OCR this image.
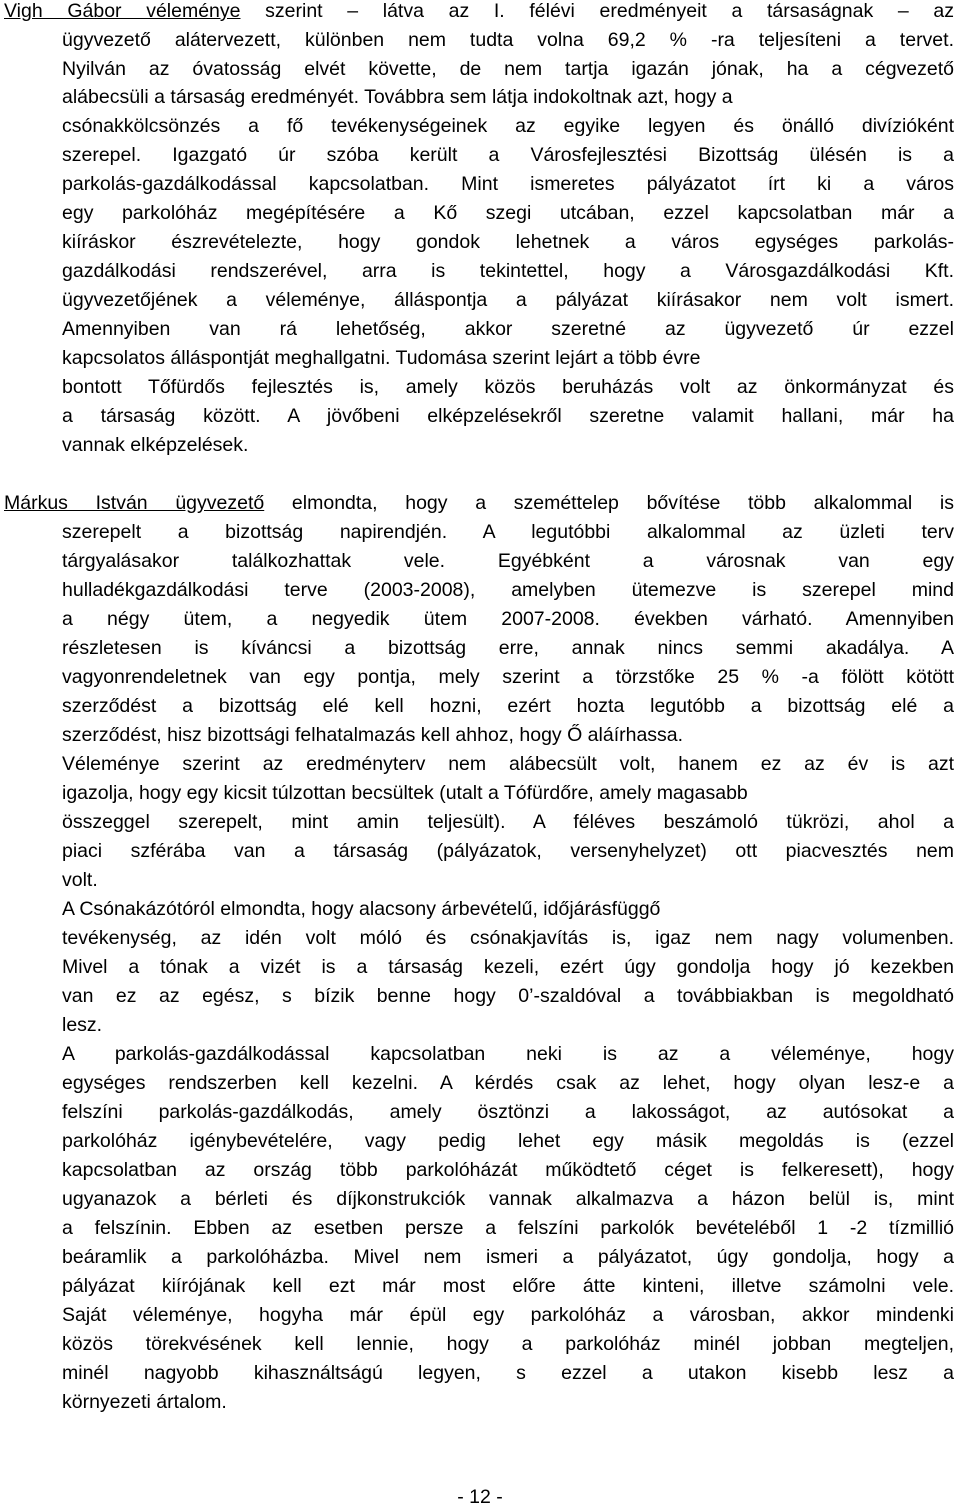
Vigh Gábor véleménye szerint – látva az I. félévi eredményeit a társaságnak – az
ügyvezető alátervezett, különben nem tudta volna 69,2 % -ra teljesíteni a tervet.
Nyilván az óvatosság elvét követte, de nem tartja igazán jónak, ha a cégvezető
alábecsüli a társaság eredményét. Továbbra sem látja indokoltnak azt, hogy a
csónakkölcsönzés a fő tevékenységeinek az egyike legyen és önálló divízióként
szerepel. Igazgató úr szóba került a Városfejlesztési Bizottság ülésén is a
parkolás-gazdálkodással kapcsolatban. Mint ismeretes pályázatot írt ki a város
egy parkolóház megépítésére a Kő szegi utcában, ezzel kapcsolatban már a
kiíráskor észrevételezte, hogy gondok lehetnek a város egységes parkolás-
gazdálkodási rendszerével, arra is tekintettel, hogy a Városgazdálkodási Kft.
ügyvezetőjének a véleménye, álláspontja a pályázat kiírásakor nem volt ismert.
Amennyiben van rá lehetőség, akkor szeretné az ügyvezető úr ezzel
kapcsolatos álláspontját meghallgatni. Tudomása szerint lejárt a több évre
bontott Tőfürdős fejlesztés is, amely közös beruházás volt az önkormányzat és
a társaság között. A jövőbeni elképzelésekről szeretne valamit hallani, már ha
vannak elképzelések.
Márkus István ügyvezető elmondta, hogy a szeméttelep bővítése több alkalommal is
szerepelt a bizottság napirendjén. A legutóbbi alkalommal az üzleti terv
tárgyalásakor találkozhattak vele. Egyébként a városnak van egy
hulladékgazdálkodási terve (2003-2008), amelyben ütemezve is szerepel mind
a négy ütem, a negyedik ütem 2007-2008. években várható. Amennyiben
részletesen is kíváncsi a bizottság erre, annak nincs semmi akadálya. A
vagyonrendeletnek van egy pontja, mely szerint a törzstőke 25 % -a fölött kötött
szerződést a bizottság elé kell hozni, ezért hozta legutóbb a bizottság elé a
szerződést, hisz bizottsági felhatalmazás kell ahhoz, hogy Ő aláírhassa.
Véleménye szerint az eredményterv nem alábecsült volt, hanem ez az év is azt
igazolja, hogy egy kicsit túlzottan becsültek (utalt a Tófürdőre, amely magasabb
összeggel szerepelt, mint amin teljesült). A féléves beszámoló tükrözi, ahol a
piaci szférába van a társaság (pályázatok, versenyhelyzet) ott piacvesztés nem
volt.
A Csónakázótóról elmondta, hogy alacsony árbevételű, időjárásfüggő
tevékenység, az idén volt móló és csónakjavítás is, igaz nem nagy volumenben.
Mivel a tónak a vizét is a társaság kezeli, ezért úgy gondolja hogy jó kezekben
van ez az egész, s bízik benne hogy 0’-szaldóval a továbbiakban is megoldható
lesz.
A parkolás-gazdálkodással kapcsolatban neki is az a véleménye, hogy
egységes rendszerben kell kezelni. A kérdés csak az lehet, hogy olyan lesz-e a
felszíni parkolás-gazdálkodás, amely ösztönzi a lakosságot, az autósokat a
parkolóház igénybevételére, vagy pedig lehet egy másik megoldás is (ezzel
kapcsolatban az ország több parkolóházát működtető céget is felkeresett), hogy
ugyanazok a bérleti és díjkonstrukciók vannak alkalmazva a házon belül is, mint
a felszínin. Ebben az esetben persze a felszíni parkolók bevételéből 1 -2 tízmillió
beáramlik a parkolóházba. Mivel nem ismeri a pályázatot, úgy gondolja, hogy a
pályázat kiírójának kell ezt már most előre átte kinteni, illetve számolni vele.
Saját véleménye, hogyha már épül egy parkolóház a városban, akkor mindenki
közös törekvésének kell lennie, hogy a parkolóház minél jobban megteljen,
minél nagyobb kihasználtságú legyen, s ezzel a utakon kisebb lesz a
környezeti ártalom.
- 12 -
